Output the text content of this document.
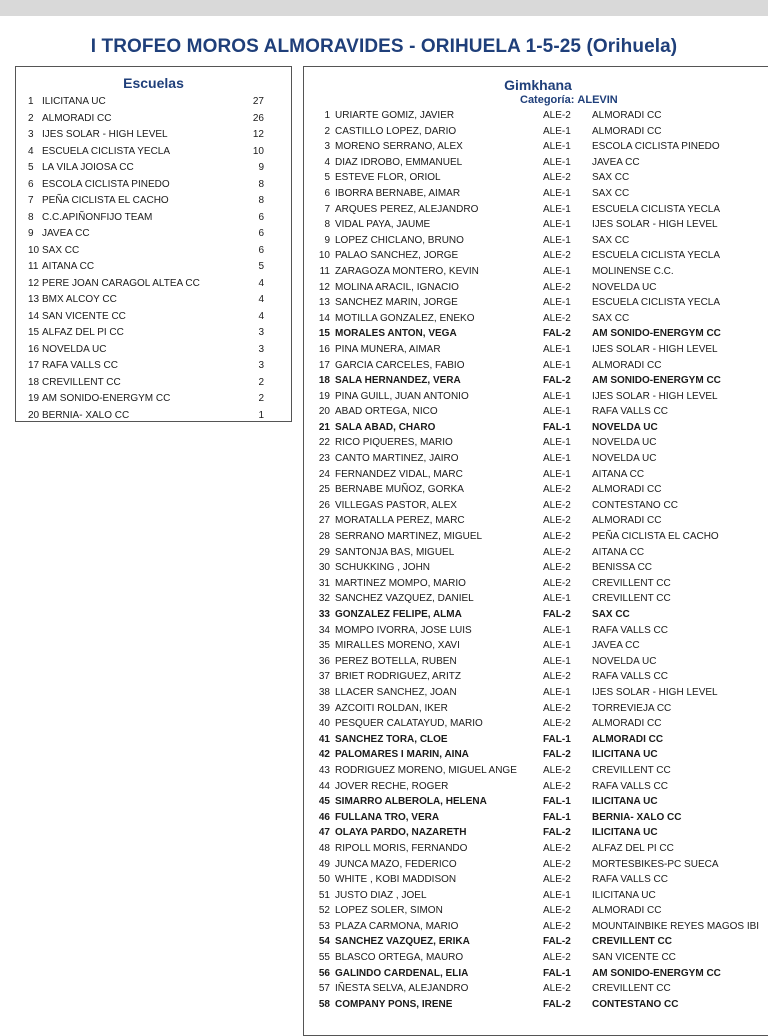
I TROFEO MOROS ALMORAVIDES - ORIHUELA 1-5-25 (Orihuela)
Escuelas
1 ILICITANA UC	27
2 ALMORADI CC	26
3 IJES SOLAR - HIGH LEVEL	12
4 ESCUELA CICLISTA YECLA	10
5 LA VILA JOIOSA CC	9
6 ESCOLA CICLISTA PINEDO	8
7 PEÑA CICLISTA EL CACHO	8
8 C.C.APIÑONFIJO TEAM	6
9 JAVEA CC	6
10 SAX CC	6
11 AITANA CC	5
12 PERE JOAN CARAGOL ALTEA CC	4
13 BMX ALCOY CC	4
14 SAN VICENTE CC	4
15 ALFAZ DEL PI CC	3
16 NOVELDA UC	3
17 RAFA VALLS CC	3
18 CREVILLENT CC	2
19 AM SONIDO-ENERGYM CC	2
20 BERNIA- XALO CC	1
Gimkhana
Categoría: ALEVIN
1 URIARTE GOMIZ, JAVIER	ALE-2	ALMORADI CC
2 CASTILLO LOPEZ, DARIO	ALE-1	ALMORADI CC
3 MORENO SERRANO, ALEX	ALE-1	ESCOLA CICLISTA PINEDO
4 DIAZ IDROBO, EMMANUEL	ALE-1	JAVEA CC
5 ESTEVE FLOR, ORIOL	ALE-2	SAX CC
6 IBORRA BERNABE, AIMAR	ALE-1	SAX CC
7 ARQUES PEREZ, ALEJANDRO	ALE-1	ESCUELA CICLISTA YECLA
8 VIDAL PAYA, JAUME	ALE-1	IJES SOLAR - HIGH LEVEL
9 LOPEZ CHICLANO, BRUNO	ALE-1	SAX CC
10 PALAO SANCHEZ, JORGE	ALE-2	ESCUELA CICLISTA YECLA
11 ZARAGOZA MONTERO, KEVIN	ALE-1	MOLINENSE C.C.
12 MOLINA ARACIL, IGNACIO	ALE-2	NOVELDA UC
13 SANCHEZ MARIN, JORGE	ALE-1	ESCUELA CICLISTA YECLA
14 MOTILLA GONZALEZ, ENEKO	ALE-2	SAX CC
15 MORALES ANTON, VEGA	FAL-2	AM SONIDO-ENERGYM CC
16 PINA MUNERA, AIMAR	ALE-1	IJES SOLAR - HIGH LEVEL
17 GARCIA CARCELES, FABIO	ALE-1	ALMORADI CC
18 SALA HERNANDEZ, VERA	FAL-2	AM SONIDO-ENERGYM CC
19 PINA GUILL, JUAN ANTONIO	ALE-1	IJES SOLAR - HIGH LEVEL
20 ABAD ORTEGA, NICO	ALE-1	RAFA VALLS CC
21 SALA ABAD, CHARO	FAL-1	NOVELDA UC
22 RICO PIQUERES, MARIO	ALE-1	NOVELDA UC
23 CANTO MARTINEZ, JAIRO	ALE-1	NOVELDA UC
24 FERNANDEZ VIDAL, MARC	ALE-1	AITANA CC
25 BERNABE MUÑOZ, GORKA	ALE-2	ALMORADI CC
26 VILLEGAS PASTOR, ALEX	ALE-2	CONTESTANO CC
27 MORATALLA PEREZ, MARC	ALE-2	ALMORADI CC
28 SERRANO MARTINEZ, MIGUEL	ALE-2	PEÑA CICLISTA EL CACHO
29 SANTONJA BAS, MIGUEL	ALE-2	AITANA CC
30 SCHUKKING , JOHN	ALE-2	BENISSA CC
31 MARTINEZ MOMPO, MARIO	ALE-2	CREVILLENT CC
32 SANCHEZ VAZQUEZ, DANIEL	ALE-1	CREVILLENT CC
33 GONZALEZ FELIPE, ALMA	FAL-2	SAX CC
34 MOMPO IVORRA, JOSE LUIS	ALE-1	RAFA VALLS CC
35 MIRALLES MORENO, XAVI	ALE-1	JAVEA CC
36 PEREZ BOTELLA, RUBEN	ALE-1	NOVELDA UC
37 BRIET RODRIGUEZ, ARITZ	ALE-2	RAFA VALLS CC
38 LLACER SANCHEZ, JOAN	ALE-1	IJES SOLAR - HIGH LEVEL
39 AZCOITI ROLDAN, IKER	ALE-2	TORREVIEJA CC
40 PESQUER CALATAYUD, MARIO	ALE-2	ALMORADI CC
41 SANCHEZ TORA, CLOE	FAL-1	ALMORADI CC
42 PALOMARES I MARIN, AINA	FAL-2	ILICITANA UC
43 RODRIGUEZ MORENO, MIGUEL ANGE	ALE-2	CREVILLENT CC
44 JOVER RECHE, ROGER	ALE-2	RAFA VALLS CC
45 SIMARRO ALBEROLA, HELENA	FAL-1	ILICITANA UC
46 FULLANA TRO, VERA	FAL-1	BERNIA- XALO CC
47 OLAYA PARDO, NAZARETH	FAL-2	ILICITANA UC
48 RIPOLL MORIS, FERNANDO	ALE-2	ALFAZ DEL PI CC
49 JUNCA MAZO, FEDERICO	ALE-2	MORTESBIKES-PC SUECA
50 WHITE , KOBI MADDISON	ALE-2	RAFA VALLS CC
51 JUSTO DIAZ , JOEL	ALE-1	ILICITANA UC
52 LOPEZ SOLER, SIMON	ALE-2	ALMORADI CC
53 PLAZA CARMONA, MARIO	ALE-2	MOUNTAINBIKE REYES MAGOS IBI
54 SANCHEZ VAZQUEZ, ERIKA	FAL-2	CREVILLENT CC
55 BLASCO ORTEGA, MAURO	ALE-2	SAN VICENTE CC
56 GALINDO CARDENAL, ELIA	FAL-1	AM SONIDO-ENERGYM CC
57 IÑESTA SELVA, ALEJANDRO	ALE-2	CREVILLENT CC
58 COMPANY PONS, IRENE	FAL-2	CONTESTANO CC
